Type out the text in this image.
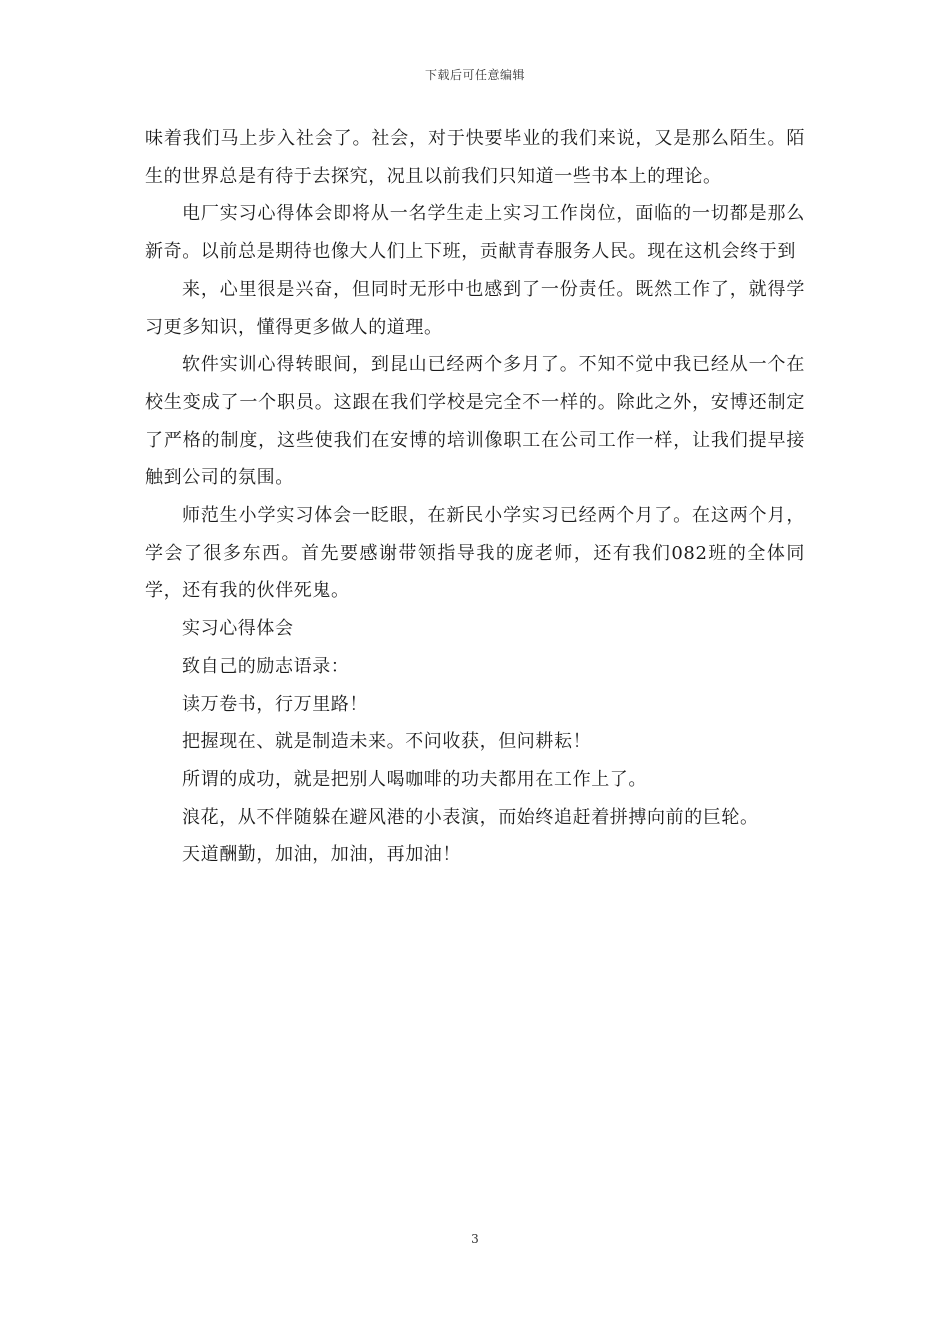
下载后可任意编辑

味着我们马上步入社会了。社会，对于快要毕业的我们来说，又是那么陌生。陌生的世界总是有待于去探究，况且以前我们只知道一些书本上的理论。

电厂实习心得体会即将从一名学生走上实习工作岗位，面临的一切都是那么新奇。以前总是期待也像大人们上下班，贡献青春服务人民。现在这机会终于到

来，心里很是兴奋，但同时无形中也感到了一份责任。既然工作了，就得学习更多知识，懂得更多做人的道理。

软件实训心得转眼间，到昆山已经两个多月了。不知不觉中我已经从一个在校生变成了一个职员。这跟在我们学校是完全不一样的。除此之外，安博还制定了严格的制度，这些使我们在安博的培训像职工在公司工作一样，让我们提早接触到公司的氛围。

师范生小学实习体会一眨眼，在新民小学实习已经两个月了。在这两个月，学会了很多东西。首先要感谢带领指导我的庞老师，还有我们082班的全体同学，还有我的伙伴死鬼。

实习心得体会

致自己的励志语录：

读万卷书，行万里路！

把握现在、就是制造未来。不问收获，但问耕耘！

所谓的成功，就是把别人喝咖啡的功夫都用在工作上了。

浪花，从不伴随躲在避风港的小表演，而始终追赶着拼搏向前的巨轮。

天道酬勤，加油，加油，再加油！

3
